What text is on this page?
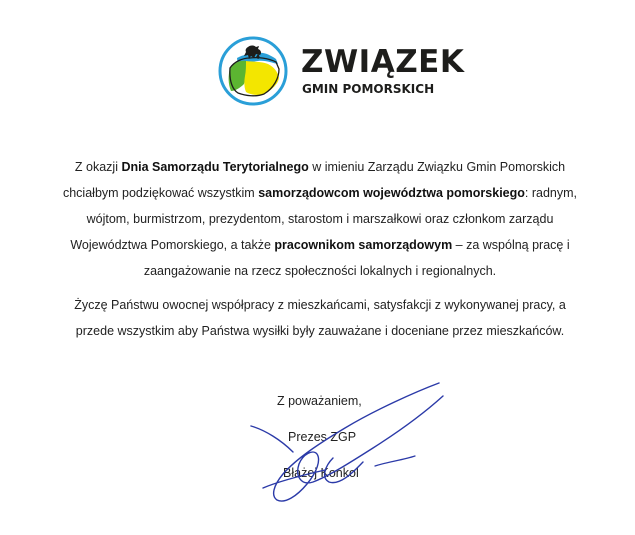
ZWIĄZEK
GMIN POMORSKICH

Z okazji Dnia Samorządu Terytorialnego w imieniu Zarządu Związku Gmin Pomorskich chciałbym podziękować wszystkim samorządowcom województwa pomorskiego: radnym, wójtom, burmistrzom, prezydentom, starostom i marszałkowi oraz członkom zarządu Województwa Pomorskiego, a także pracownikom samorządowym – za wspólną pracę i zaangażowanie na rzecz społeczności lokalnych i regionalnych.

Życzę Państwu owocnej współpracy z mieszkańcami, satysfakcji z wykonywanej pracy, a przede wszystkim aby Państwa wysiłki były zauważane i doceniane przez mieszkańców.

Z poważaniem,
Prezes ZGP
Błażej Konkol
